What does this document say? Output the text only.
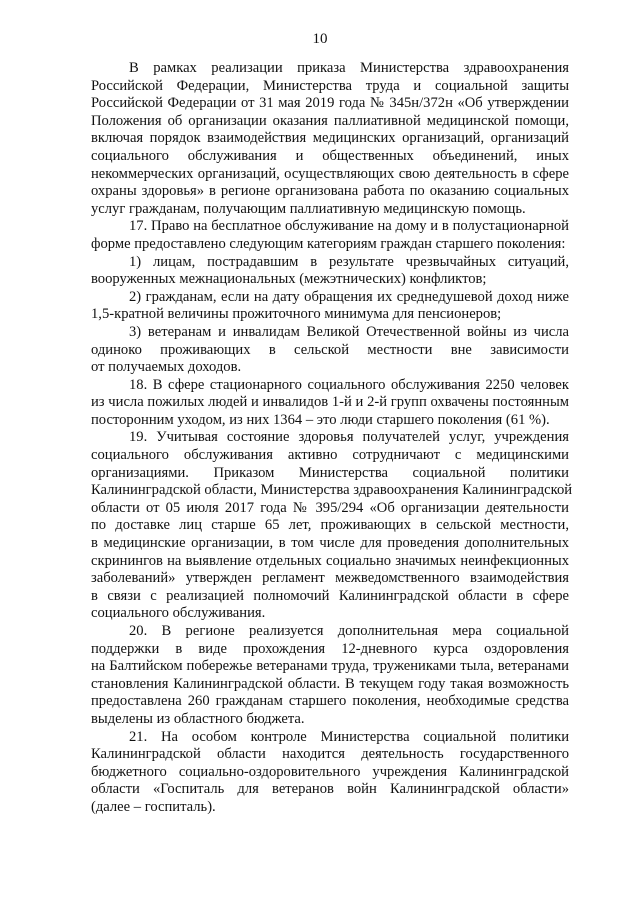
10

В рамках реализации приказа Министерства здравоохранения
Российской Федерации, Министерства труда и социальной защиты
Российской Федерации от 31 мая 2019 года № 345н/372н «Об утверждении
Положения об организации оказания паллиативной медицинской помощи,
включая порядок взаимодействия медицинских организаций, организаций
социального обслуживания и общественных объединений, иных
некоммерческих организаций, осуществляющих свою деятельность в сфере
охраны здоровья» в регионе организована работа по оказанию социальных
услуг гражданам, получающим паллиативную медицинскую помощь.

17. Право на бесплатное обслуживание на дому и в полустационарной
форме предоставлено следующим категориям граждан старшего поколения:

1) лицам, пострадавшим в результате чрезвычайных ситуаций,
вооруженных межнациональных (межэтнических) конфликтов;

2) гражданам, если на дату обращения их среднедушевой доход ниже
1,5-кратной величины прожиточного минимума для пенсионеров;

3) ветеранам и инвалидам Великой Отечественной войны из числа
одиноко проживающих в сельской местности вне зависимости
от получаемых доходов.

18. В сфере стационарного социального обслуживания 2250 человек
из числа пожилых людей и инвалидов 1-й и 2-й групп охвачены постоянным
посторонним уходом, из них 1364 – это люди старшего поколения (61 %).

19. Учитывая состояние здоровья получателей услуг, учреждения
социального обслуживания активно сотрудничают с медицинскими
организациями. Приказом Министерства социальной политики
Калининградской области, Министерства здравоохранения Калининградской
области от 05 июля 2017 года № 395/294 «Об организации деятельности
по доставке лиц старше 65 лет, проживающих в сельской местности,
в медицинские организации, в том числе для проведения дополнительных
скринингов на выявление отдельных социально значимых неинфекционных
заболеваний» утвержден регламент межведомственного взаимодействия
в связи с реализацией полномочий Калининградской области в сфере
социального обслуживания.

20. В регионе реализуется дополнительная мера социальной
поддержки в виде прохождения 12-дневного курса оздоровления
на Балтийском побережье ветеранами труда, тружениками тыла, ветеранами
становления Калининградской области. В текущем году такая возможность
предоставлена 260 гражданам старшего поколения, необходимые средства
выделены из областного бюджета.

21. На особом контроле Министерства социальной политики
Калининградской области находится деятельность государственного
бюджетного социально-оздоровительного учреждения Калининградской
области «Госпиталь для ветеранов войн Калининградской области»
(далее – госпиталь).
